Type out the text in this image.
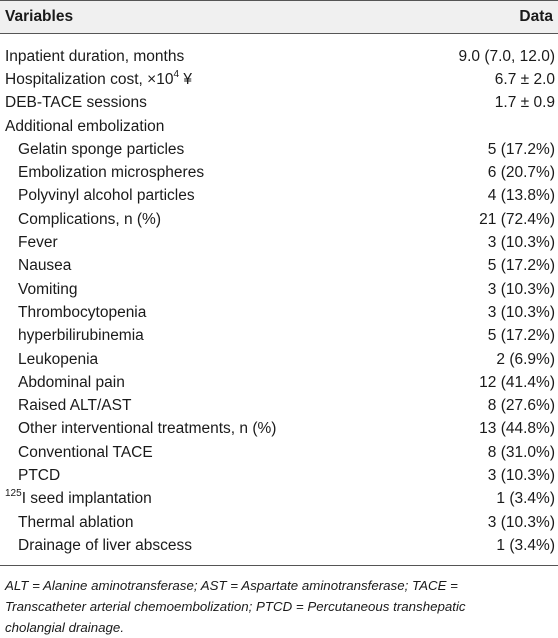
Variables	Data
Inpatient duration, months	9.0 (7.0, 12.0)
Hospitalization cost, $\times 10^4$ ¥	6.7 ± 2.0
DEB-TACE sessions	1.7 ± 0.9
Additional embolization
Gelatin sponge particles	5 (17.2%)
Embolization microspheres	6 (20.7%)
Polyvinyl alcohol particles	4 (13.8%)
Complications, n (%)	21 (72.4%)
Fever	3 (10.3%)
Nausea	5 (17.2%)
Vomiting	3 (10.3%)
Thrombocytopenia	3 (10.3%)
hyperbilirubinemia	5 (17.2%)
Leukopenia	2 (6.9%)
Abdominal pain	12 (41.4%)
Raised ALT/AST	8 (27.6%)
Other interventional treatments, n (%)	13 (44.8%)
Conventional TACE	8 (31.0%)
PTCD	3 (10.3%)
$^{125}$I seed implantation	1 (3.4%)
Thermal ablation	3 (10.3%)
Drainage of liver abscess	1 (3.4%)
ALT = Alanine aminotransferase; AST = Aspartate aminotransferase; TACE = Transcatheter arterial chemoembolization; PTCD = Percutaneous transhepatic cholangial drainage.
